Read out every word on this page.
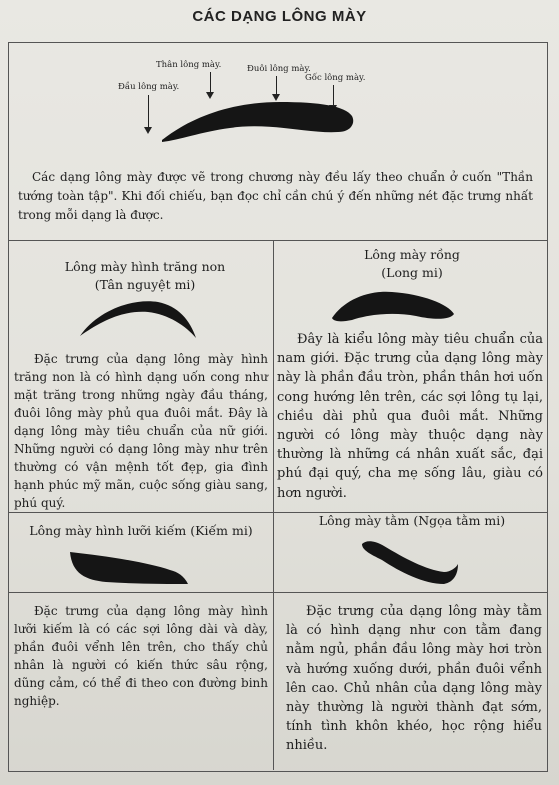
CÁC DẠNG LÔNG MÀY
Thân lông mày.	Đuôi lông mày.
Gốc lông mày.
Đầu lông mày.
Các dạng lông mày được vẽ trong chương này đều lấy theo chuẩn ở cuốn "Thần tướng toàn tập". Khi đối chiếu, bạn đọc chỉ cần chú ý đến những nét đặc trưng nhất trong mỗi dạng là được.
Lông mày hình trăng non
(Tân nguyệt mi)
Đặc trưng của dạng lông mày hình trăng non là có hình dạng uốn cong như mặt trăng trong những ngày đầu tháng, đuôi lông mày phủ qua đuôi mắt. Đây là dạng lông mày tiêu chuẩn của nữ giới. Những người có dạng lông mày như trên thường có vận mệnh tốt đẹp, gia đình hạnh phúc mỹ mãn, cuộc sống giàu sang, phú quý.
Lông mày rồng
(Long mi)
Đây là kiểu lông mày tiêu chuẩn của nam giới. Đặc trưng của dạng lông mày này là phần đầu tròn, phần thân hơi uốn cong hướng lên trên, các sợi lông tụ lại, chiều dài phủ qua đuôi mắt. Những người có lông mày thuộc dạng này thường là những cá nhân xuất sắc, đại phú đại quý, cha mẹ sống lâu, giàu có hơn người.
Lông mày hình lưỡi kiếm (Kiếm mi)
Đặc trưng của dạng lông mày hình lưỡi kiếm là có các sợi lông dài và dày, phần đuôi vểnh lên trên, cho thấy chủ nhân là người có kiến thức sâu rộng, dũng cảm, có thể đi theo con đường binh nghiệp.
Lông mày tằm (Ngọa tằm mi)
Đặc trưng của dạng lông mày tằm là có hình dạng như con tằm đang nằm ngủ, phần đầu lông mày hơi tròn và hướng xuống dưới, phần đuôi vểnh lên cao. Chủ nhân của dạng lông mày này thường là người thành đạt sớm, tính tình khôn khéo, học rộng hiểu nhiều.
